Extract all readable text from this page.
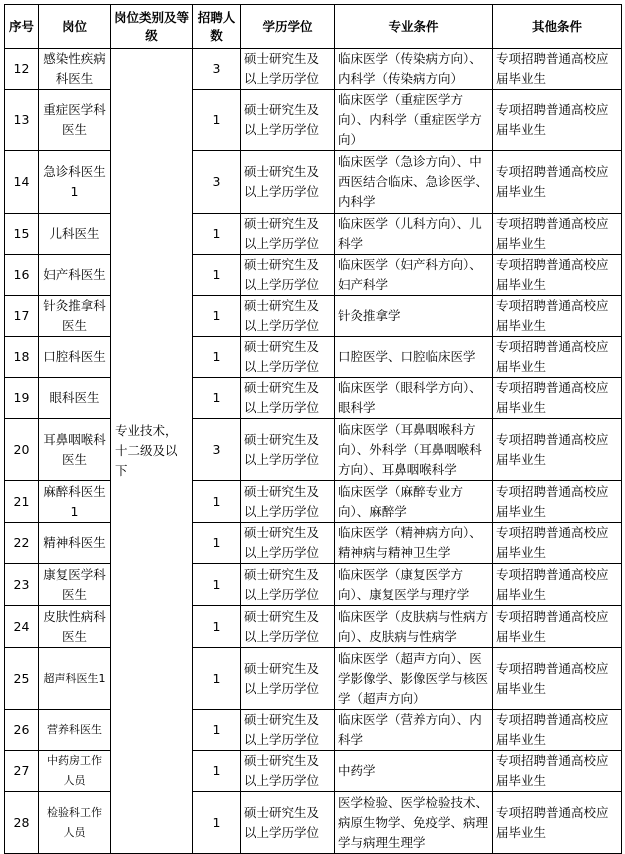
序号	岗位	岗位类别及等级	招聘人数	学历学位	专业条件	其他条件
12	感染性疾病科医生	专业技术，十二级及以下	3	硕士研究生及以上学历学位	临床医学（传染病方向）、内科学（传染病方向）	专项招聘普通高校应届毕业生
13	重症医学科医生		1	硕士研究生及以上学历学位	临床医学（重症医学方向）、内科学（重症医学方向）	专项招聘普通高校应届毕业生
14	急诊科医生1		3	硕士研究生及以上学历学位	临床医学（急诊方向）、中西医结合临床、急诊医学、内科学	专项招聘普通高校应届毕业生
15	儿科医生		1	硕士研究生及以上学历学位	临床医学（儿科方向）、儿科学	专项招聘普通高校应届毕业生
16	妇产科医生		1	硕士研究生及以上学历学位	临床医学（妇产科方向）、妇产科学	专项招聘普通高校应届毕业生
17	针灸推拿科医生		1	硕士研究生及以上学历学位	针灸推拿学	专项招聘普通高校应届毕业生
18	口腔科医生		1	硕士研究生及以上学历学位	口腔医学、口腔临床医学	专项招聘普通高校应届毕业生
19	眼科医生		1	硕士研究生及以上学历学位	临床医学（眼科学方向）、眼科学	专项招聘普通高校应届毕业生
20	耳鼻咽喉科医生		3	硕士研究生及以上学历学位	临床医学（耳鼻咽喉科方向）、外科学（耳鼻咽喉科方向）、耳鼻咽喉科学	专项招聘普通高校应届毕业生
21	麻醉科医生1		1	硕士研究生及以上学历学位	临床医学（麻醉专业方向）、麻醉学	专项招聘普通高校应届毕业生
22	精神科医生		1	硕士研究生及以上学历学位	临床医学（精神病方向）、精神病与精神卫生学	专项招聘普通高校应届毕业生
23	康复医学科医生		1	硕士研究生及以上学历学位	临床医学（康复医学方向）、康复医学与理疗学	专项招聘普通高校应届毕业生
24	皮肤性病科医生		1	硕士研究生及以上学历学位	临床医学（皮肤病与性病方向）、皮肤病与性病学	专项招聘普通高校应届毕业生
25	超声科医生1		1	硕士研究生及以上学历学位	临床医学（超声方向）、医学影像学、影像医学与核医学（超声方向）	专项招聘普通高校应届毕业生
26	营养科医生		1	硕士研究生及以上学历学位	临床医学（营养方向）、内科学	专项招聘普通高校应届毕业生
27	中药房工作人员		1	硕士研究生及以上学历学位	中药学	专项招聘普通高校应届毕业生
28	检验科工作人员		1	硕士研究生及以上学历学位	医学检验、医学检验技术、病原生物学、免疫学、病理学与病理生理学	专项招聘普通高校应届毕业生
